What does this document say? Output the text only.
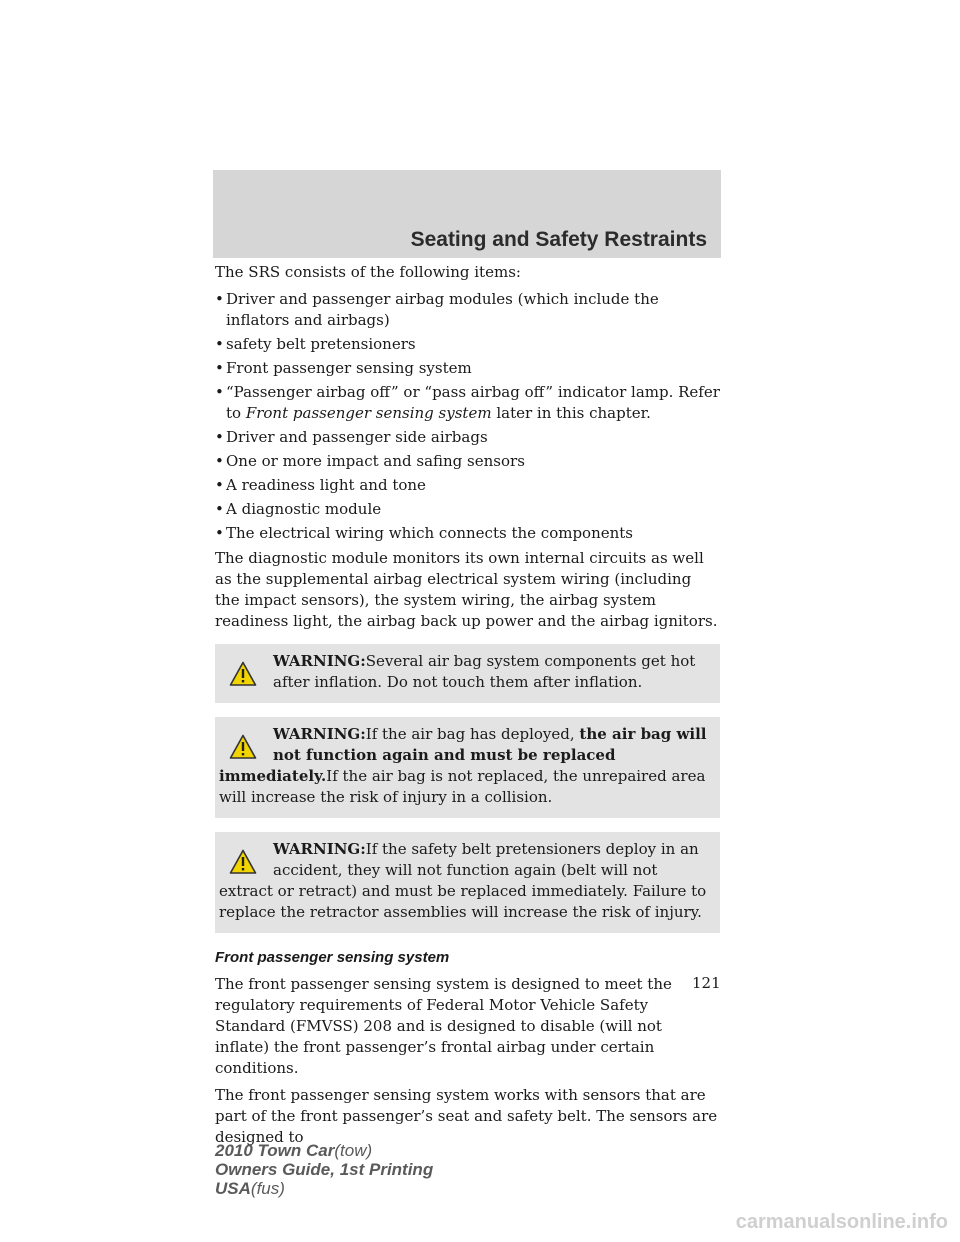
Seating and Safety Restraints

The SRS consists of the following items:

• Driver and passenger airbag modules (which include the inflators and airbags)
• safety belt pretensioners
• Front passenger sensing system
• “Passenger airbag off” or “pass airbag off” indicator lamp. Refer to Front passenger sensing system later in this chapter.
• Driver and passenger side airbags
• One or more impact and safing sensors
• A readiness light and tone
• A diagnostic module
• The electrical wiring which connects the components

The diagnostic module monitors its own internal circuits as well as the supplemental airbag electrical system wiring (including the impact sensors), the system wiring, the airbag system readiness light, the airbag back up power and the airbag ignitors.

WARNING:Several air bag system components get hot after inflation. Do not touch them after inflation.
WARNING:If the air bag has deployed, the air bag will not function again and must be replaced immediately.If the air bag is not replaced, the unrepaired area will increase the risk of injury in a collision.
WARNING:If the safety belt pretensioners deploy in an accident, they will not function again (belt will not extract or retract) and must be replaced immediately. Failure to replace the retractor assemblies will increase the risk of injury.
Front passenger sensing system

The front passenger sensing system is designed to meet the regulatory requirements of Federal Motor Vehicle Safety Standard (FMVSS) 208 and is designed to disable (will not inflate) the front passenger’s frontal airbag under certain conditions.

The front passenger sensing system works with sensors that are part of the front passenger’s seat and safety belt. The sensors are designed to

121
2010 Town Car(tow)
Owners Guide, 1st Printing
USA(fus)
carmanualsonline.info
